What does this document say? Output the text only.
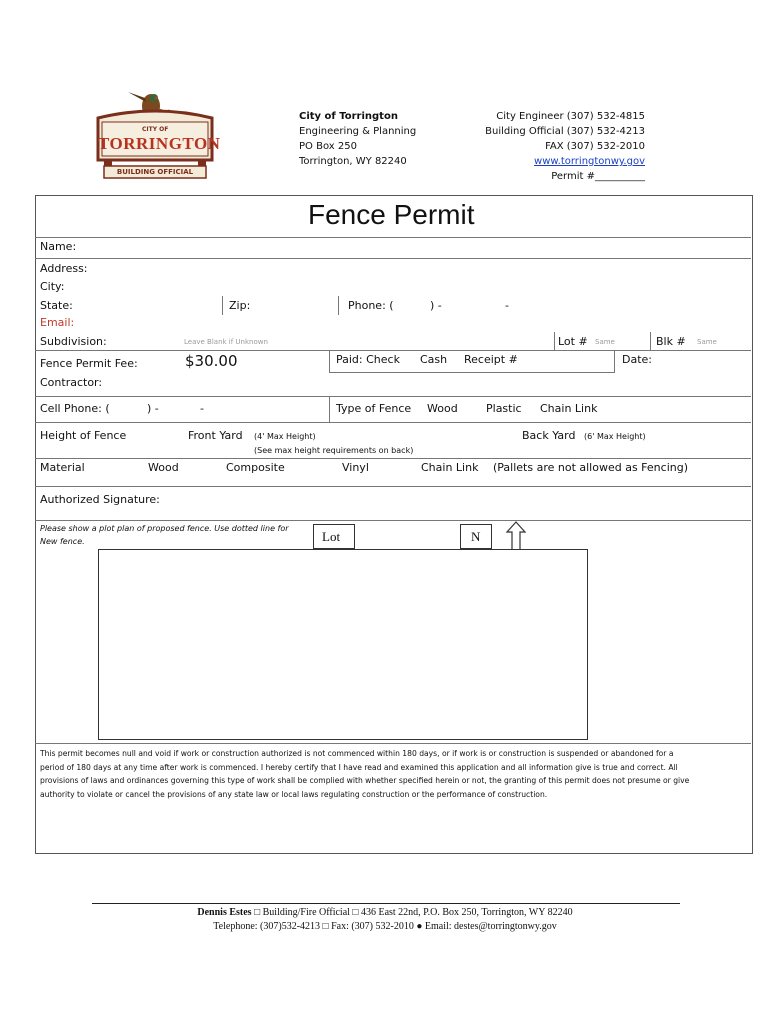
CITY OF
TORRINGTON
BUILDING OFFICIAL
City of Torrington
Engineering & Planning
PO Box 250
Torrington, WY 82240
City Engineer (307) 532-4815
Building Official (307) 532-4213
FAX (307) 532-2010
www.torringtonwy.gov
Permit #__________
Fence Permit
Name:
Address:
City:
State:	Zip:	Phone: (	) -	-
Email:
Subdivision:	Leave Blank if Unknown	Lot # Same	Blk # Same
Fence Permit Fee:	$30.00	Paid: Check Cash Receipt #	Date:
Contractor:
Cell Phone: (	) -	-	Type of Fence Wood	Plastic Chain Link
Height of Fence	Front Yard (4' Max Height)	Back Yard (6' Max Height)
(See max height requirements on back)
Material	Wood	Composite	Vinyl	Chain Link (Pallets are not allowed as Fencing)
Authorized Signature:
Please show a plot plan of proposed fence. Use dotted line for
New fence.	Lot	N
This permit becomes null and void if work or construction authorized is not commenced within 180 days, or if work is or construction is suspended or abandoned for a
period of 180 days at any time after work is commenced. I hereby certify that I have read and examined this application and all information give is true and correct. All
provisions of laws and ordinances governing this type of work shall be complied with whether specified herein or not, the granting of this permit does not presume or give
authority to violate or cancel the provisions of any state law or local laws regulating construction or the performance of construction.
Dennis Estes □ Building/Fire Official □ 436 East 22nd, P.O. Box 250, Torrington, WY 82240
Telephone: (307)532-4213 □ Fax: (307) 532-2010 ● Email: destes@torringtonwy.gov
